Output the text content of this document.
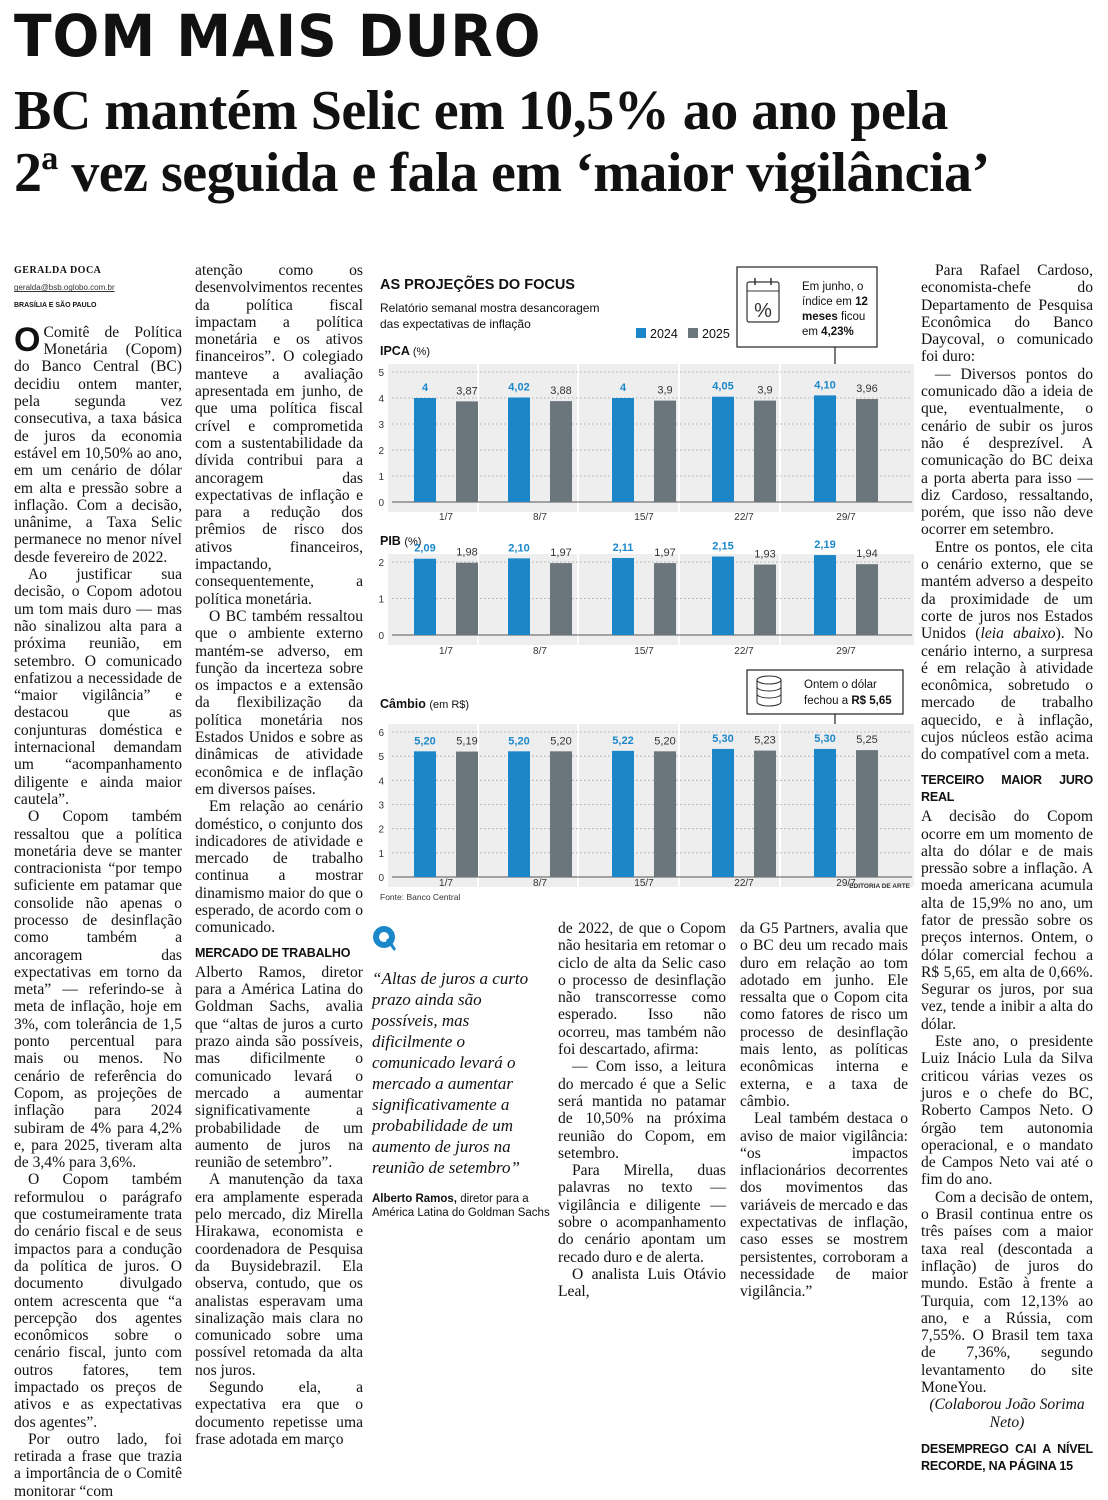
TOM MAIS DURO
BC mantém Selic em 10,5% ao ano pela
2ª vez seguida e fala em ‘maior vigilância’
GERALDA DOCA
geralda@bsb.oglobo.com.br
BRASÍLIA E SÃO PAULO

O Comitê de Política Monetária (Copom) do Banco Central (BC) decidiu ontem manter, pela segunda vez consecutiva, a taxa básica de juros da economia estável em 10,50% ao ano, em um cenário de dólar em alta e pressão sobre a inflação. Com a decisão, unânime, a Taxa Selic permanece no menor nível desde fevereiro de 2022.

Ao justificar sua decisão, o Copom adotou um tom mais duro — mas não sinalizou alta para a próxima reunião, em setembro. O comunicado enfatizou a necessidade de “maior vigilância” e destacou que as conjunturas doméstica e internacional demandam um “acompanhamento diligente e ainda maior cautela”.

O Copom também ressaltou que a política monetária deve se manter contracionista “por tempo suficiente em patamar que consolide não apenas o processo de desinflação como também a ancoragem das expectativas em torno da meta” — referindo-se à meta de inflação, hoje em 3%, com tolerância de 1,5 ponto percentual para mais ou menos. No cenário de referência do Copom, as projeções de inflação para 2024 subiram de 4% para 4,2% e, para 2025, tiveram alta de 3,4% para 3,6%.

O Copom também reformulou o parágrafo que costumeiramente trata do cenário fiscal e de seus impactos para a condução da política de juros. O documento divulgado ontem acrescenta que “a percepção dos agentes econômicos sobre o cenário fiscal, junto com outros fatores, tem impactado os preços de ativos e as expectativas dos agentes”.

Por outro lado, foi retirada a frase que trazia a importância de o Comitê monitorar “com

atenção como os desenvolvimentos recentes da política fiscal impactam a política monetária e os ativos financeiros”. O colegiado manteve a avaliação apresentada em junho, de que uma política fiscal crível e comprometida com a sustentabilidade da dívida contribui para a ancoragem das expectativas de inflação e para a redução dos prêmios de risco dos ativos financeiros, impactando, consequentemente, a política monetária.

O BC também ressaltou que o ambiente externo mantém-se adverso, em função da incerteza sobre os impactos e a extensão da flexibilização da política monetária nos Estados Unidos e sobre as dinâmicas de atividade econômica e de inflação em diversos países.

Em relação ao cenário doméstico, o conjunto dos indicadores de atividade e mercado de trabalho continua a mostrar dinamismo maior do que o esperado, de acordo com o comunicado.

MERCADO DE TRABALHO

Alberto Ramos, diretor para a América Latina do Goldman Sachs, avalia que “altas de juros a curto prazo ainda são possíveis, mas dificilmente o comunicado levará o mercado a aumentar significativamente a probabilidade de um aumento de juros na reunião de setembro”.

A manutenção da taxa era amplamente esperada pelo mercado, diz Mirella Hirakawa, economista e coordenadora de Pesquisa da Buysidebrazil. Ela observa, contudo, que os analistas esperavam uma sinalização mais clara no comunicado sobre uma possível retomada da alta nos juros.

Segundo ela, a expectativa era que o documento repetisse uma frase adotada em março

AS PROJEÇÕES DO FOCUS
Relatório semanal mostra desancoragem
das expectativas de inflação
2024 2025
%
Em junho, o
índice em 12
meses ficou
em 4,23%
Ontem o dólar
fechou a R$ 5,65
IPCA (%)
5
4
3
2
1
0
4	3,87
1/7
4,02 3,88
8/7
4	3,9
15/7
4,05 3,9
22/7
4,10 3,96
29/7
PIB (%)
2
1
0
2,09 1,98
1/7
2,10 1,97
8/7
2,11 1,97
15/7
2,15
1,93
22/7
2,19
1,94
29/7
Câmbio (em R$)
6
5
4
3
2
1
0
5,20 5,19
1/7
5,20 5,20
8/7
5,22 5,20
15/7
5,30 5,23
22/7
5,30 5,25
29/7
Fonte: Banco Central
EDITORIA DE ARTE

“Altas de juros a curto prazo ainda são possíveis, mas dificilmente o comunicado levará o mercado a aumentar significativamente a probabilidade de um aumento de juros na reunião de setembro”

Alberto Ramos, diretor para a América Latina do Goldman Sachs

de 2022, de que o Copom não hesitaria em retomar o ciclo de alta da Selic caso o processo de desinflação não transcorresse como esperado. Isso não ocorreu, mas também não foi descartado, afirma:

— Com isso, a leitura do mercado é que a Selic será mantida no patamar de 10,50% na próxima reunião do Copom, em setembro.

Para Mirella, duas palavras no texto — vigilância e diligente — sobre o acompanhamento do cenário apontam um recado duro e de alerta.

O analista Luis Otávio Leal,

da G5 Partners, avalia que o BC deu um recado mais duro em relação ao tom adotado em junho. Ele ressalta que o Copom cita como fatores de risco um processo de desinflação mais lento, as políticas econômicas interna e externa, e a taxa de câmbio.

Leal também destaca o aviso de maior vigilância: “os impactos inflacionários decorrentes dos movimentos das variáveis de mercado e das expectativas de inflação, caso esses se mostrem persistentes, corroboram a necessidade de maior vigilância.”

Para Rafael Cardoso, economista-chefe do Departamento de Pesquisa Econômica do Banco Daycoval, o comunicado foi duro:

— Diversos pontos do comunicado dão a ideia de que, eventualmente, o cenário de subir os juros não é desprezível. A comunicação do BC deixa a porta aberta para isso — diz Cardoso, ressaltando, porém, que isso não deve ocorrer em setembro.

Entre os pontos, ele cita o cenário externo, que se mantém adverso a despeito da proximidade de um corte de juros nos Estados Unidos (leia abaixo). No cenário interno, a surpresa é em relação à atividade econômica, sobretudo o mercado de trabalho aquecido, e à inflação, cujos núcleos estão acima do compatível com a meta.

TERCEIRO MAIOR JURO REAL

A decisão do Copom ocorre em um momento de alta do dólar e de mais pressão sobre a inflação. A moeda americana acumula alta de 15,9% no ano, um fator de pressão sobre os preços internos. Ontem, o dólar comercial fechou a R$ 5,65, em alta de 0,66%. Segurar os juros, por sua vez, tende a inibir a alta do dólar.

Este ano, o presidente Luiz Inácio Lula da Silva criticou várias vezes os juros e o chefe do BC, Roberto Campos Neto. O órgão tem autonomia operacional, e o mandato de Campos Neto vai até o fim do ano.

Com a decisão de ontem, o Brasil continua entre os três países com a maior taxa real (descontada a inflação) de juros do mundo. Estão à frente a Turquia, com 12,13% ao ano, e a Rússia, com 7,55%. O Brasil tem taxa de 7,36%, segundo levantamento do site MoneYou.

(Colaborou João Sorima Neto)

DESEMPREGO CAI A NÍVEL RECORDE, NA PÁGINA 15
